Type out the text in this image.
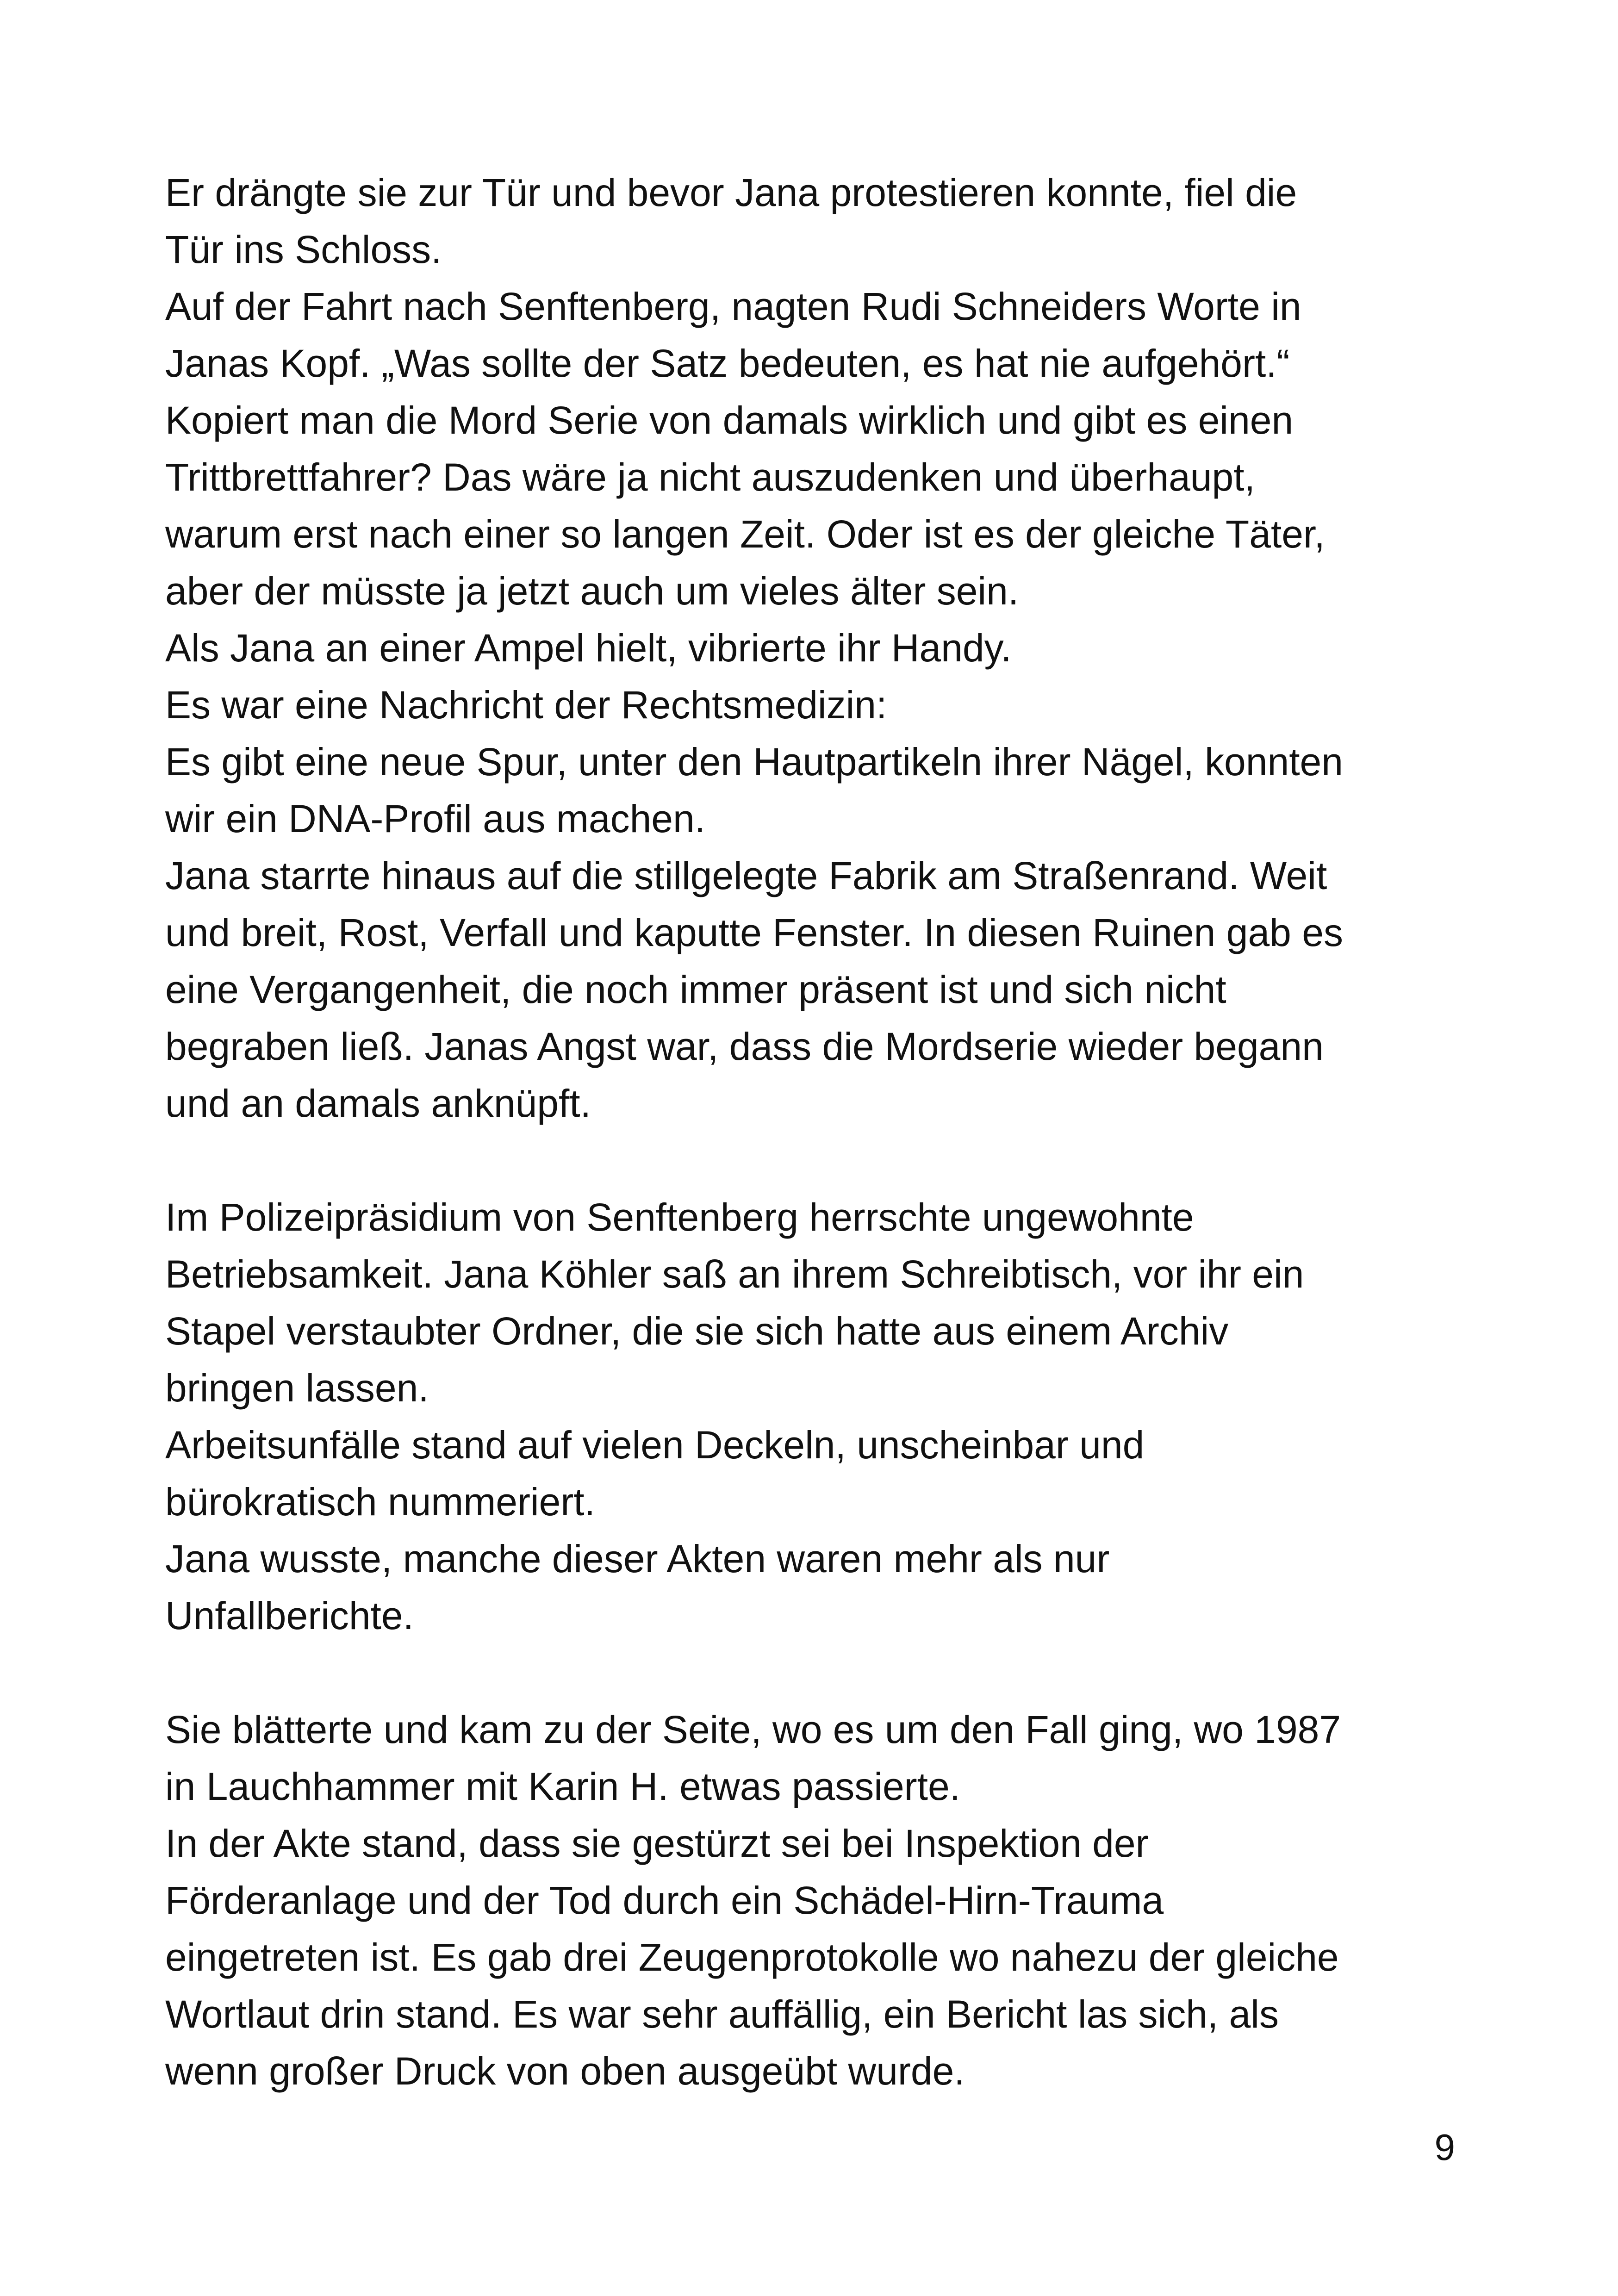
Er drängte sie zur Tür und bevor Jana protestieren konnte, fiel die
Tür ins Schloss.
Auf der Fahrt nach Senftenberg, nagten Rudi Schneiders Worte in
Janas Kopf. „Was sollte der Satz bedeuten, es hat nie aufgehört.“
Kopiert man die Mord Serie von damals wirklich und gibt es einen
Trittbrettfahrer? Das wäre ja nicht auszudenken und überhaupt,
warum erst nach einer so langen Zeit. Oder ist es der gleiche Täter,
aber der müsste ja jetzt auch um vieles älter sein.
Als Jana an einer Ampel hielt, vibrierte ihr Handy.
Es war eine Nachricht der Rechtsmedizin:
Es gibt eine neue Spur, unter den Hautpartikeln ihrer Nägel, konnten
wir ein DNA-Profil aus machen.
Jana starrte hinaus auf die stillgelegte Fabrik am Straßenrand. Weit
und breit, Rost, Verfall und kaputte Fenster. In diesen Ruinen gab es
eine Vergangenheit, die noch immer präsent ist und sich nicht
begraben ließ. Janas Angst war, dass die Mordserie wieder begann
und an damals anknüpft.
Im Polizeipräsidium von Senftenberg herrschte ungewohnte
Betriebsamkeit. Jana Köhler saß an ihrem Schreibtisch, vor ihr ein
Stapel verstaubter Ordner, die sie sich hatte aus einem Archiv
bringen lassen.
Arbeitsunfälle stand auf vielen Deckeln, unscheinbar und
bürokratisch nummeriert.
Jana wusste, manche dieser Akten waren mehr als nur
Unfallberichte.
Sie blätterte und kam zu der Seite, wo es um den Fall ging, wo 1987
in Lauchhammer mit Karin H. etwas passierte.
In der Akte stand, dass sie gestürzt sei bei Inspektion der
Förderanlage und der Tod durch ein Schädel-Hirn-Trauma
eingetreten ist. Es gab drei Zeugenprotokolle wo nahezu der gleiche
Wortlaut drin stand. Es war sehr auffällig, ein Bericht las sich, als
wenn großer Druck von oben ausgeübt wurde.
9
